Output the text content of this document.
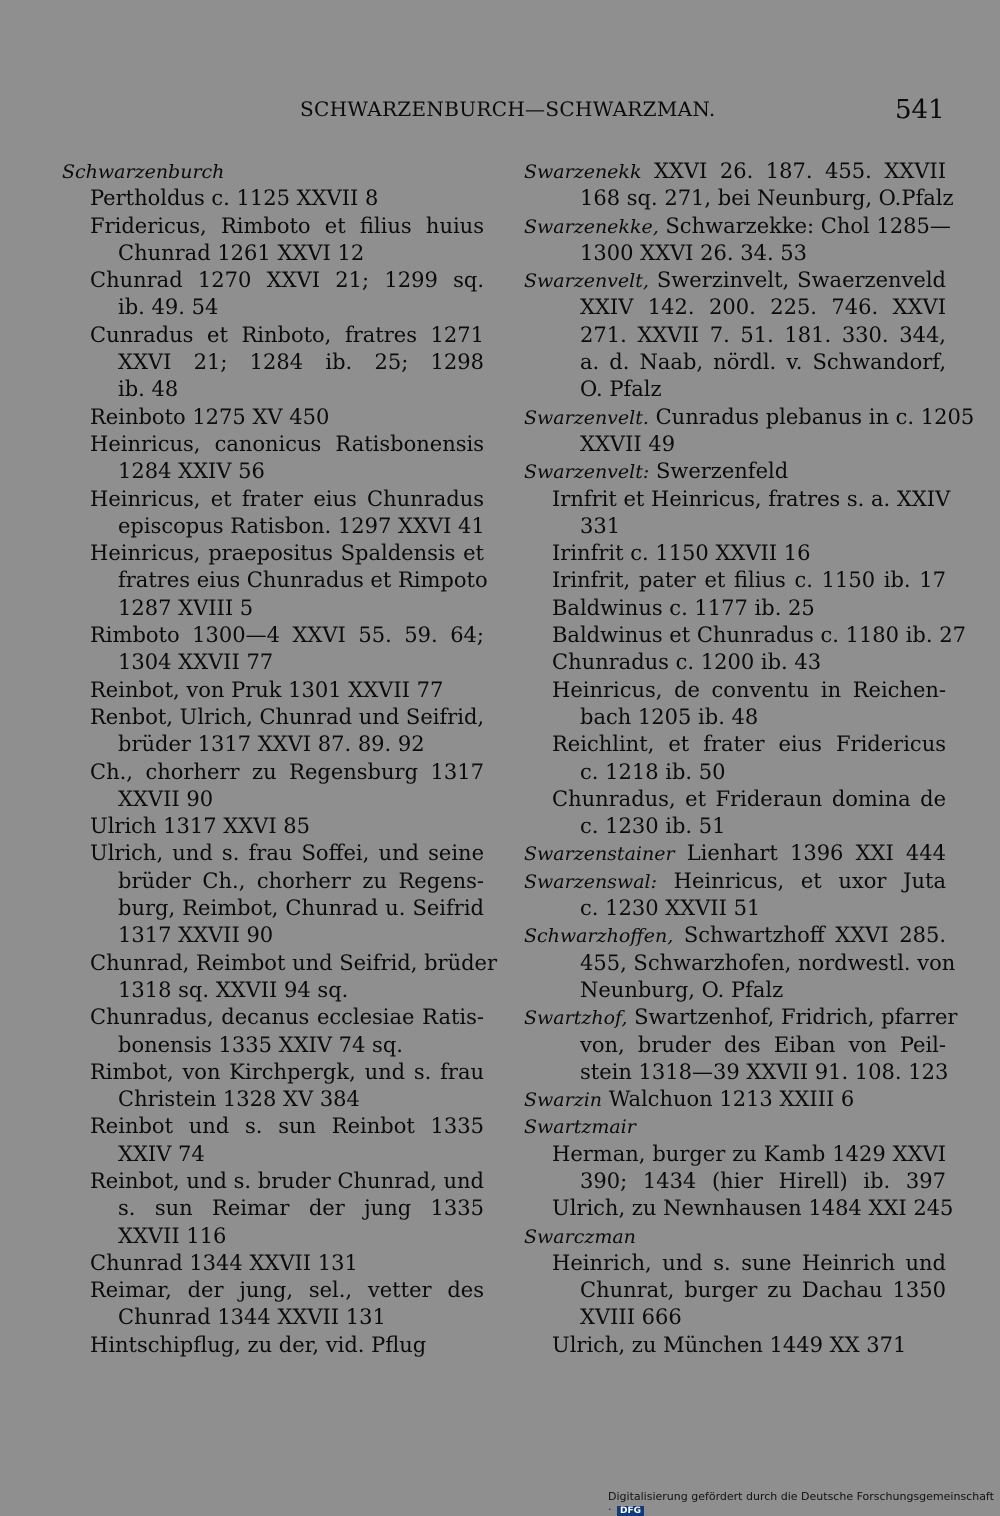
SCHWARZENBURCH—SCHWARZMAN.	541
Schwarzenburch
Pertholdus c. 1125 XXVII 8
Fridericus, Rimboto et filius huius
Chunrad 1261 XXVI 12
Chunrad 1270 XXVI 21; 1299 sq.
ib. 49. 54
Cunradus et Rinboto, fratres 1271
XXVI 21; 1284 ib. 25; 1298
ib. 48
Reinboto 1275 XV 450
Heinricus, canonicus Ratisbonensis
1284 XXIV 56
Heinricus, et frater eius Chunradus
episcopus Ratisbon. 1297 XXVI 41
Heinricus, praepositus Spaldensis et
fratres eius Chunradus et Rimpoto
1287 XVIII 5
Rimboto 1300—4 XXVI 55. 59. 64;
1304 XXVII 77
Reinbot, von Pruk 1301 XXVII 77
Renbot, Ulrich, Chunrad und Seifrid,
brüder 1317 XXVI 87. 89. 92
Ch., chorherr zu Regensburg 1317
XXVII 90
Ulrich 1317 XXVI 85
Ulrich, und s. frau Soffei, und seine
brüder Ch., chorherr zu Regens-
burg, Reimbot, Chunrad u. Seifrid
1317 XXVII 90
Chunrad, Reimbot und Seifrid, brüder
1318 sq. XXVII 94 sq.
Chunradus, decanus ecclesiae Ratis-
bonensis 1335 XXIV 74 sq.
Rimbot, von Kirchpergk, und s. frau
Christein 1328 XV 384
Reinbot und s. sun Reinbot 1335
XXIV 74
Reinbot, und s. bruder Chunrad, und
s. sun Reimar der jung 1335
XXVII 116
Chunrad 1344 XXVII 131
Reimar, der jung, sel., vetter des
Chunrad 1344 XXVII 131
Hintschipflug, zu der, vid. Pflug
Swarzenekk XXVI 26. 187. 455. XXVII
168 sq. 271, bei Neunburg, O.Pfalz
Swarzenekke, Schwarzekke: Chol 1285—
1300 XXVI 26. 34. 53
Swarzenvelt, Swerzinvelt, Swaerzenveld
XXIV 142. 200. 225. 746. XXVI
271. XXVII 7. 51. 181. 330. 344,
a. d. Naab, nördl. v. Schwandorf,
O. Pfalz
Swarzenvelt. Cunradus plebanus in c. 1205
XXVII 49
Swarzenvelt: Swerzenfeld
Irnfrit et Heinricus, fratres s. a. XXIV
331
Irinfrit c. 1150 XXVII 16
Irinfrit, pater et filius c. 1150 ib. 17
Baldwinus c. 1177 ib. 25
Baldwinus et Chunradus c. 1180 ib. 27
Chunradus c. 1200 ib. 43
Heinricus, de conventu in Reichen-
bach 1205 ib. 48
Reichlint, et frater eius Fridericus
c. 1218 ib. 50
Chunradus, et Frideraun domina de
c. 1230 ib. 51
Swarzenstainer Lienhart 1396 XXI 444
Swarzenswal: Heinricus, et uxor Juta
c. 1230 XXVII 51
Schwarzhoffen, Schwartzhoff XXVI 285.
455, Schwarzhofen, nordwestl. von
Neunburg, O. Pfalz
Swartzhof, Swartzenhof, Fridrich, pfarrer
von, bruder des Eiban von Peil-
stein 1318—39 XXVII 91. 108. 123
Swarzin Walchuon 1213 XXIII 6
Swartzmair
Herman, burger zu Kamb 1429 XXVI
390; 1434 (hier Hirell) ib. 397
Ulrich, zu Newnhausen 1484 XXI 245
Swarczman
Heinrich, und s. sune Heinrich und
Chunrat, burger zu Dachau 1350
XVIII 666
Ulrich, zu München 1449 XX 371
Digitalisierung gefördert durch die Deutsche Forschungsgemeinschaft · DFG
